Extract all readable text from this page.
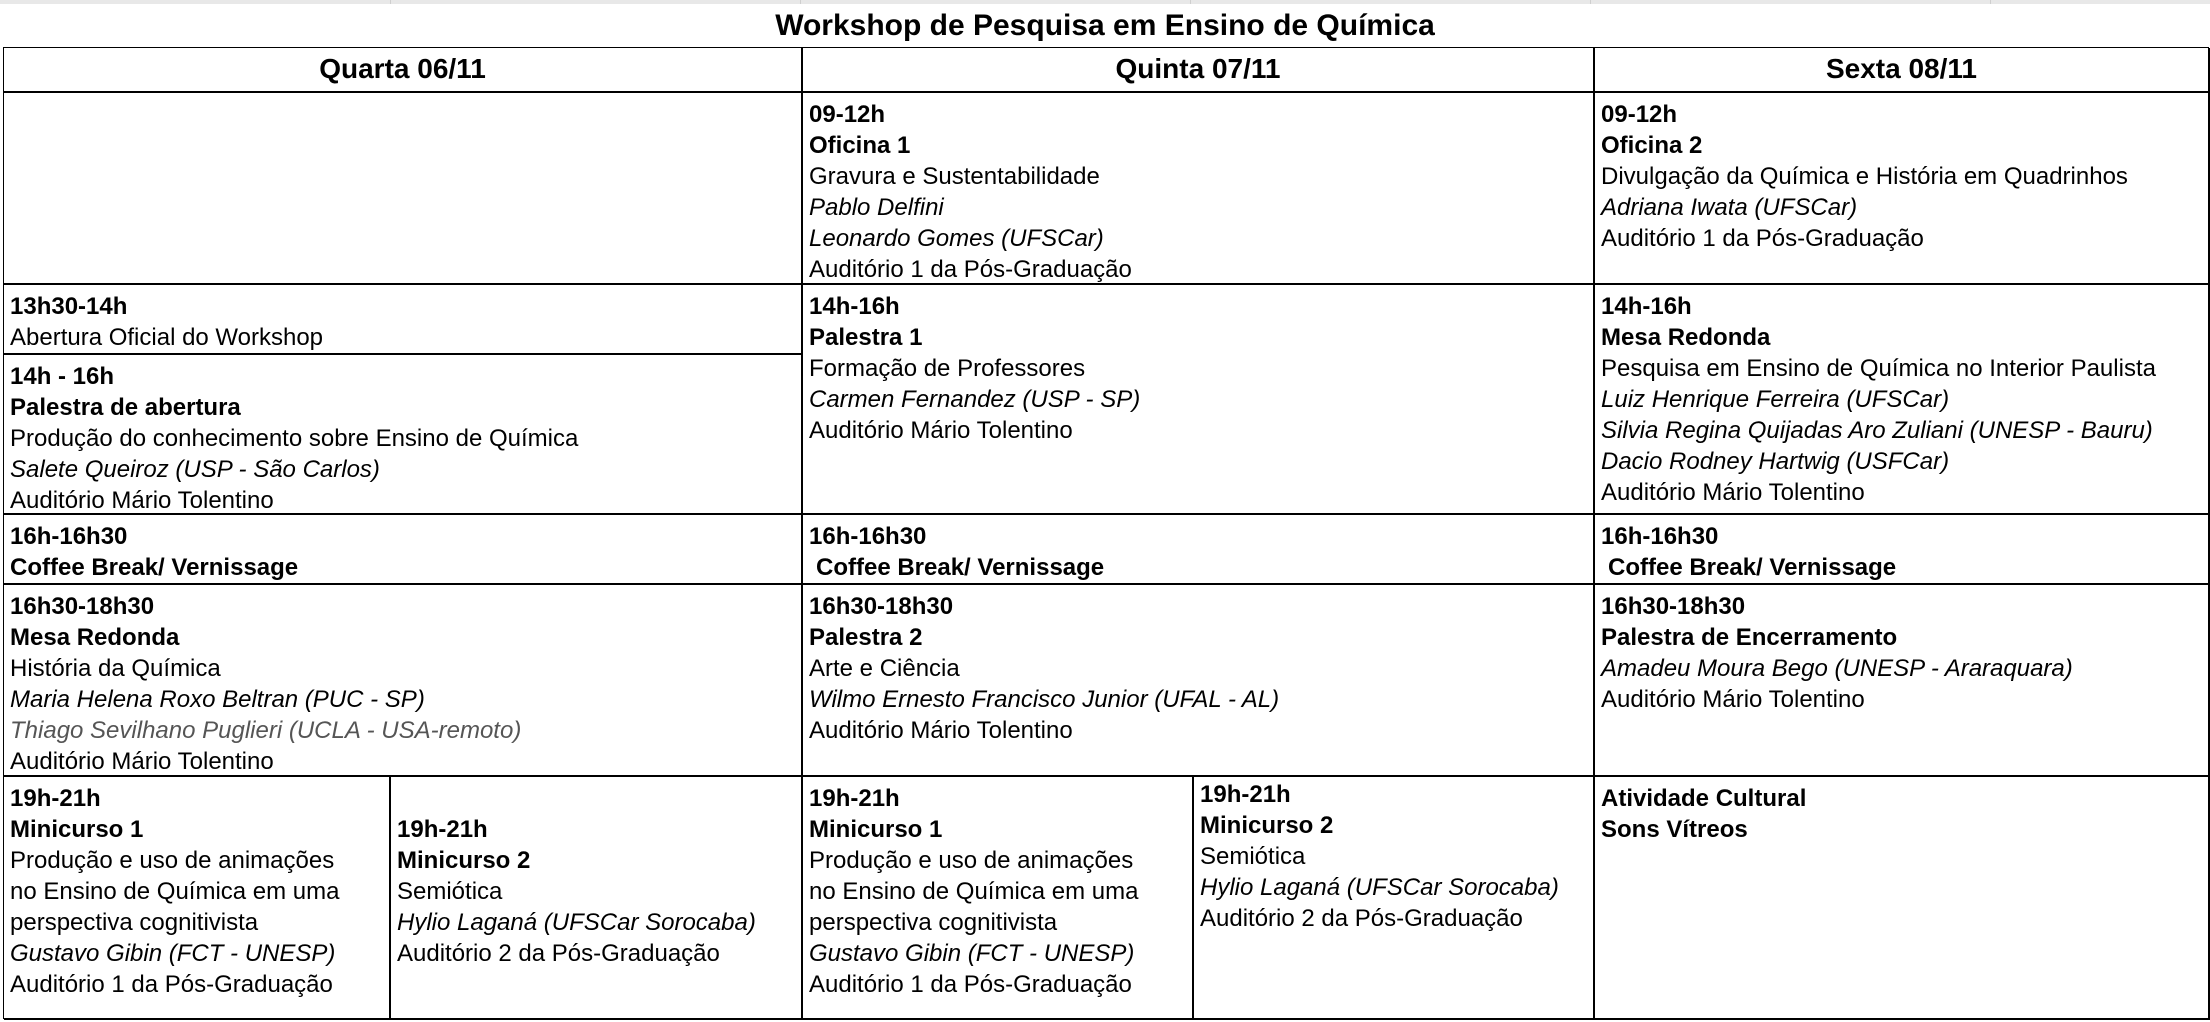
Workshop de Pesquisa em Ensino de Química
Quarta 06/11	Quinta 07/11	Sexta 08/11
09-12h
Oficina 1
Gravura e Sustentabilidade
Pablo Delfini
Leonardo Gomes (UFSCar)
Auditório 1 da Pós-Graduação
09-12h
Oficina 2
Divulgação da Química e História em Quadrinhos
Adriana Iwata (UFSCar)
Auditório 1 da Pós-Graduação
13h30-14h
Abertura Oficial do Workshop
14h - 16h
Palestra de abertura
Produção do conhecimento sobre Ensino de Química
Salete Queiroz (USP - São Carlos)
Auditório Mário Tolentino
14h-16h
Palestra 1
Formação de Professores
Carmen Fernandez (USP - SP)
Auditório Mário Tolentino
14h-16h
Mesa Redonda
Pesquisa em Ensino de Química no Interior Paulista
Luiz Henrique Ferreira (UFSCar)
Silvia Regina Quijadas Aro Zuliani (UNESP - Bauru)
Dacio Rodney Hartwig (USFCar)
Auditório Mário Tolentino
16h-16h30
Coffee Break/ Vernissage
16h-16h30
Coffee Break/ Vernissage
16h-16h30
Coffee Break/ Vernissage
16h30-18h30
Mesa Redonda
História da Química
Maria Helena Roxo Beltran (PUC - SP)
Thiago Sevilhano Puglieri (UCLA - USA-remoto)
Auditório Mário Tolentino
16h30-18h30
Palestra 2
Arte e Ciência
Wilmo Ernesto Francisco Junior (UFAL - AL)
Auditório Mário Tolentino
16h30-18h30
Palestra de Encerramento
Amadeu Moura Bego (UNESP - Araraquara)
Auditório Mário Tolentino
19h-21h
Minicurso 1
Produção e uso de animações
no Ensino de Química em uma
perspectiva cognitivista
Gustavo Gibin (FCT - UNESP)
Auditório 1 da Pós-Graduação
19h-21h
Minicurso 2
Semiótica
Hylio Laganá (UFSCar Sorocaba)
Auditório 2 da Pós-Graduação
19h-21h
Minicurso 1
Produção e uso de animações
no Ensino de Química em uma
perspectiva cognitivista
Gustavo Gibin (FCT - UNESP)
Auditório 1 da Pós-Graduação
19h-21h
Minicurso 2
Semiótica
Hylio Laganá (UFSCar Sorocaba)
Auditório 2 da Pós-Graduação
Atividade Cultural
Sons Vítreos
